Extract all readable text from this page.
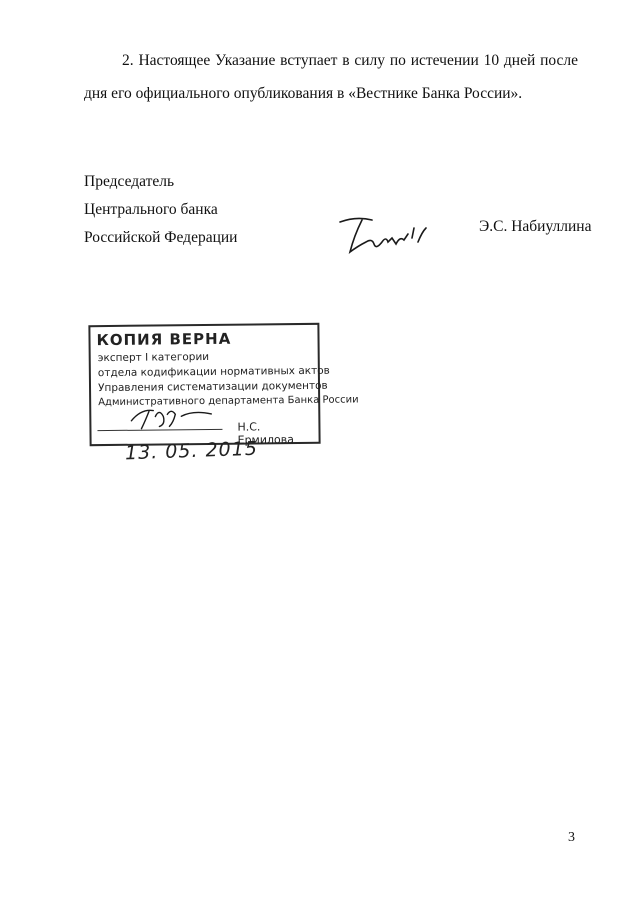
2. Настоящее Указание вступает в силу по истечении 10 дней после дня его официального опубликования в «Вестнике Банка России».

Председатель
Центрального банка
Российской Федерации
Э.С. Набиуллина
КОПИЯ ВЕРНА
эксперт I категории
отдела кодификации нормативных актов
Управления систематизации документов
Административного департамента Банка России
Н.С. Ермилова
13. 05. 2015
3
